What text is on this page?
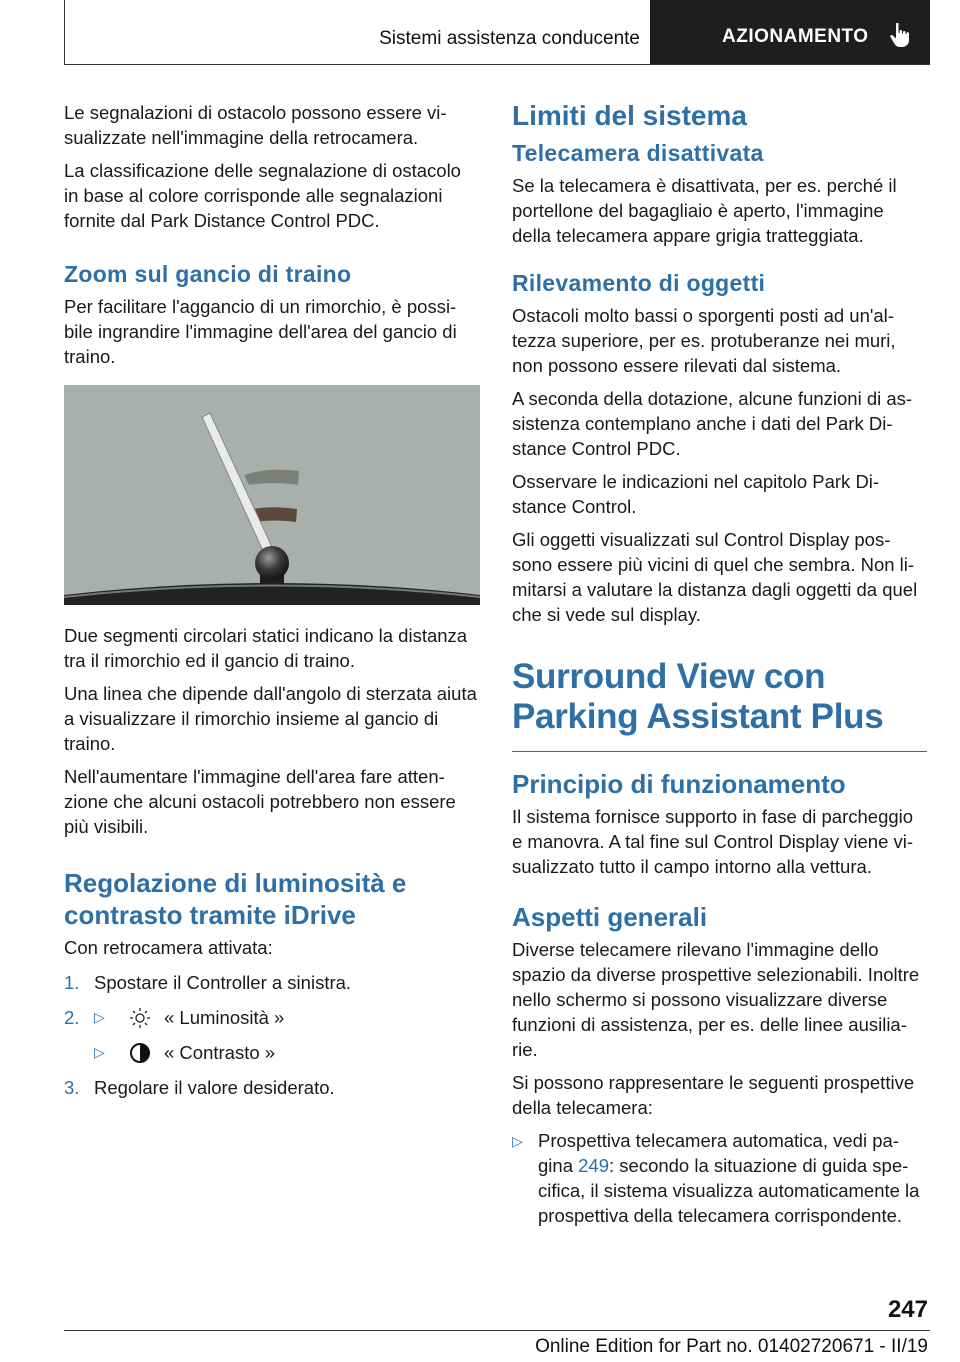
Sistemi assistenza conducente	AZIONAMENTO

Le segnalazioni di ostacolo possono essere vi- sualizzate nell'immagine della retrocamera.

La classificazione delle segnalazione di ostacolo in base al colore corrisponde alle segnalazioni fornite dal Park Distance Control PDC.

Zoom sul gancio di traino

Per facilitare l'aggancio di un rimorchio, è possi- bile ingrandire l'immagine dell'area del gancio di traino.

Due segmenti circolari statici indicano la distanza tra il rimorchio ed il gancio di traino.

Una linea che dipende dall'angolo di sterzata aiuta a visualizzare il rimorchio insieme al gancio di traino.

Nell'aumentare l'immagine dell'area fare atten- zione che alcuni ostacoli potrebbero non essere più visibili.

Regolazione di luminosità e contrasto tramite iDrive

Con retrocamera attivata:

1. Spostare il Controller a sinistra.
2.	▷	« Luminosità »
▷	« Contrasto »
3. Regolare il valore desiderato.
Limiti del sistema
Telecamera disattivata

Se la telecamera è disattivata, per es. perché il portellone del bagagliaio è aperto, l'immagine della telecamera appare grigia tratteggiata.

Rilevamento di oggetti

Ostacoli molto bassi o sporgenti posti ad un'al- tezza superiore, per es. protuberanze nei muri, non possono essere rilevati dal sistema.

A seconda della dotazione, alcune funzioni di as- sistenza contemplano anche i dati del Park Di- stance Control PDC.

Osservare le indicazioni nel capitolo Park Di- stance Control.

Gli oggetti visualizzati sul Control Display pos- sono essere più vicini di quel che sembra. Non li- mitarsi a valutare la distanza dagli oggetti da quel che si vede sul display.

Surround View con Parking Assistant Plus
Principio di funzionamento

Il sistema fornisce supporto in fase di parcheggio e manovra. A tal fine sul Control Display viene vi- sualizzato tutto il campo intorno alla vettura.

Aspetti generali

Diverse telecamere rilevano l'immagine dello spazio da diverse prospettive selezionabili. Inoltre nello schermo si possono visualizzare diverse funzioni di assistenza, per es. delle linee ausilia- rie.

Si possono rappresentare le seguenti prospettive della telecamera:

▷ Prospettiva telecamera automatica, vedi pa- gina 249: secondo la situazione di guida spe- cifica, il sistema visualizza automaticamente la prospettiva della telecamera corrispondente.
247
Online Edition for Part no. 01402720671 - II/19
